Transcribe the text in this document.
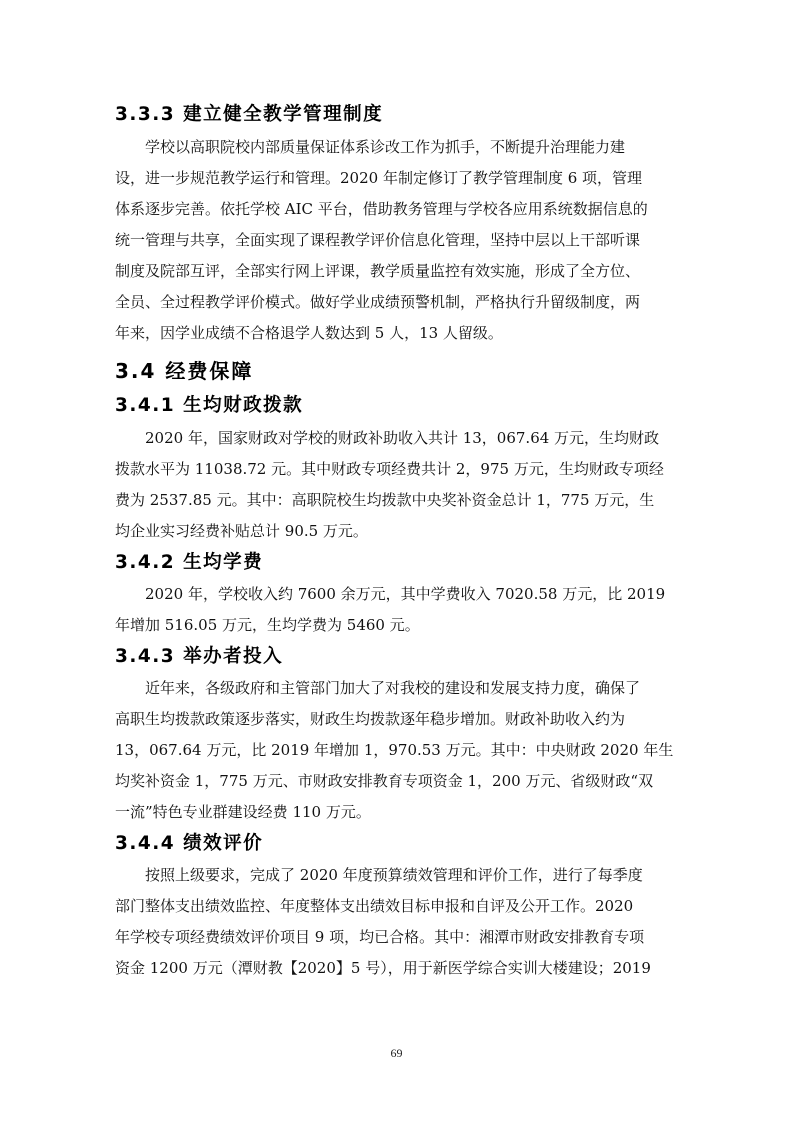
3.3.3 建立健全教学管理制度
学校以高职院校内部质量保证体系诊改工作为抓手，不断提升治理能力建
设，进一步规范教学运行和管理。2020 年制定修订了教学管理制度 6 项，管理
体系逐步完善。依托学校 AIC 平台，借助教务管理与学校各应用系统数据信息的
统一管理与共享，全面实现了课程教学评价信息化管理，坚持中层以上干部听课
制度及院部互评，全部实行网上评课，教学质量监控有效实施，形成了全方位、
全员、全过程教学评价模式。做好学业成绩预警机制，严格执行升留级制度，两
年来，因学业成绩不合格退学人数达到 5 人，13 人留级。
3.4 经费保障
3.4.1 生均财政拨款
2020 年，国家财政对学校的财政补助收入共计 13，067.64 万元，生均财政
拨款水平为 11038.72 元。其中财政专项经费共计 2，975 万元，生均财政专项经
费为 2537.85 元。其中：高职院校生均拨款中央奖补资金总计 1，775 万元，生
均企业实习经费补贴总计 90.5 万元。
3.4.2 生均学费
2020 年，学校收入约 7600 余万元，其中学费收入 7020.58 万元，比 2019
年增加 516.05 万元，生均学费为 5460 元。
3.4.3 举办者投入
近年来，各级政府和主管部门加大了对我校的建设和发展支持力度，确保了
高职生均拨款政策逐步落实，财政生均拨款逐年稳步增加。财政补助收入约为
13，067.64 万元，比 2019 年增加 1，970.53 万元。其中：中央财政 2020 年生
均奖补资金 1，775 万元、市财政安排教育专项资金 1，200 万元、省级财政“双
一流”特色专业群建设经费 110 万元。
3.4.4 绩效评价
按照上级要求，完成了 2020 年度预算绩效管理和评价工作，进行了每季度
部门整体支出绩效监控、年度整体支出绩效目标申报和自评及公开工作。2020
年学校专项经费绩效评价项目 9 项，均已合格。其中：湘潭市财政安排教育专项
资金 1200 万元（潭财教【2020】5 号），用于新医学综合实训大楼建设；2019
69
